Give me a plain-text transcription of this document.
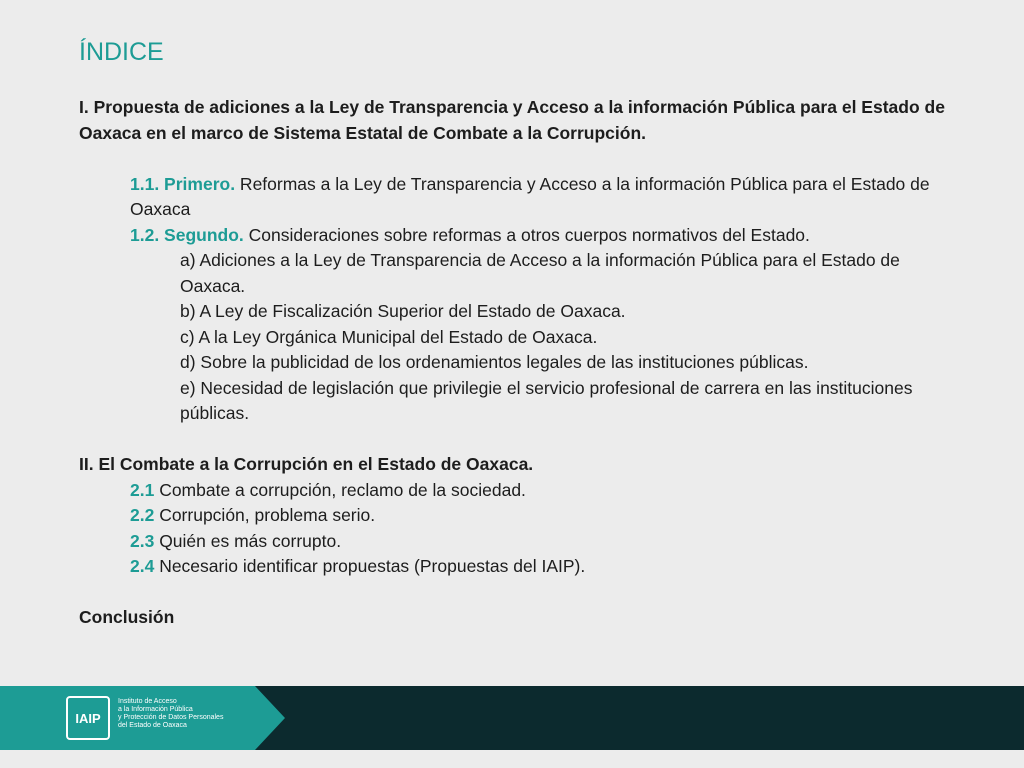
ÍNDICE

I. Propuesta de adiciones a la Ley de Transparencia y Acceso a la información Pública para el Estado de Oaxaca en el marco de Sistema Estatal de Combate a la Corrupción.

1.1. Primero. Reformas a la Ley de Transparencia y Acceso a la información Pública para el Estado de Oaxaca

1.2. Segundo. Consideraciones sobre reformas a otros cuerpos normativos del Estado.

a) Adiciones a la Ley de Transparencia de Acceso a la información Pública para el Estado de Oaxaca.

b) A Ley de Fiscalización Superior del Estado de Oaxaca.

c) A la Ley Orgánica Municipal del Estado de Oaxaca.

d) Sobre la publicidad de los ordenamientos legales de las instituciones públicas.

e) Necesidad de legislación que privilegie el servicio profesional de carrera en las instituciones públicas.

II. El Combate a la Corrupción en el Estado de Oaxaca.

2.1 Combate a corrupción, reclamo de la sociedad.

2.2 Corrupción, problema serio.

2.3 Quién es más corrupto.

2.4 Necesario identificar propuestas (Propuestas del IAIP).

Conclusión

IAIP
Instituto de Acceso
a la Información Pública
y Protección de Datos Personales
del Estado de Oaxaca
